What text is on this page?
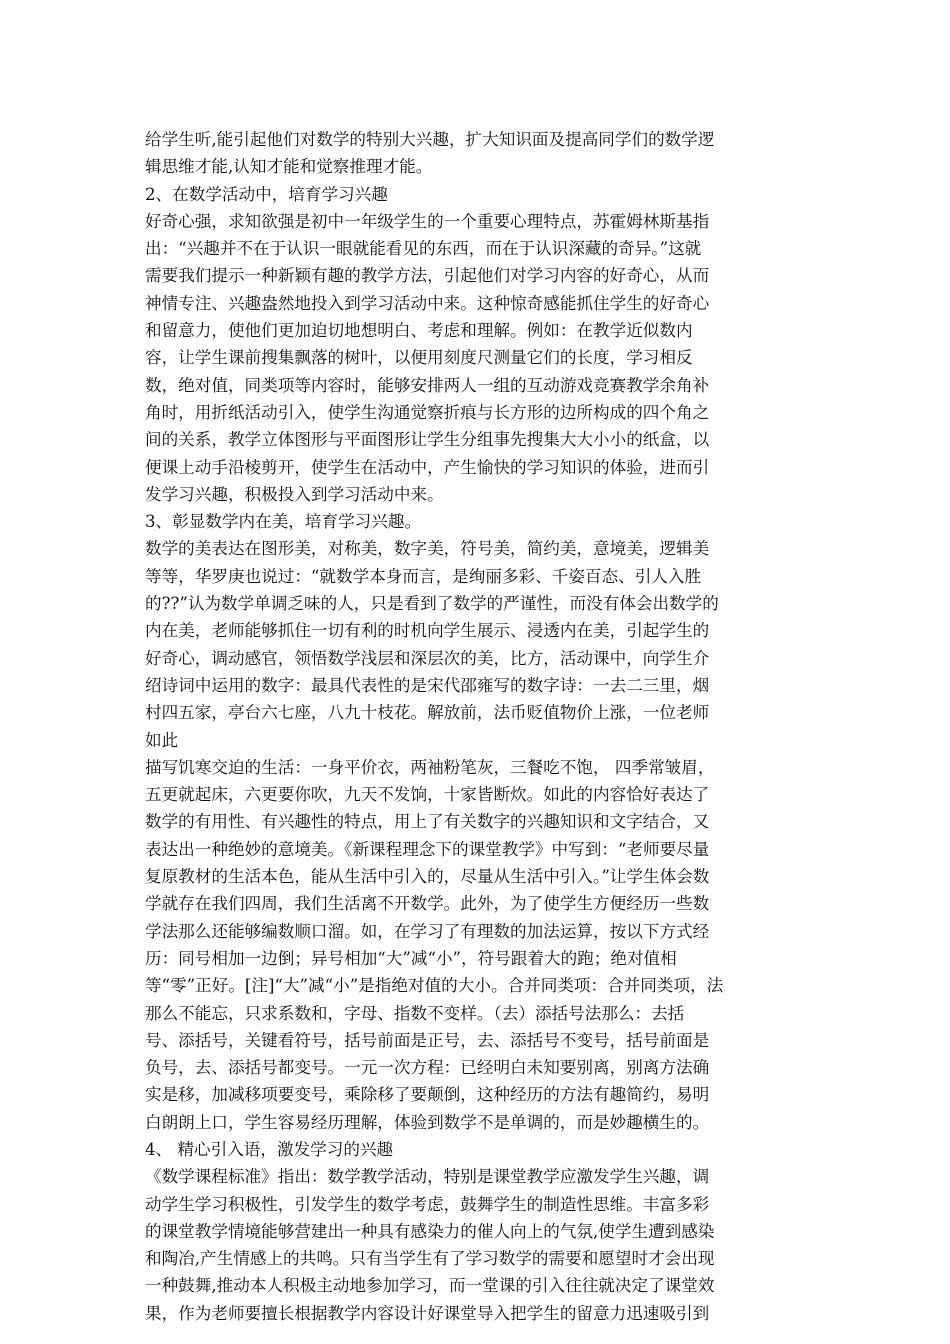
给学生听,能引起他们对数学的特别大兴趣，扩大知识面及提高同学们的数学逻
辑思维才能,认知才能和觉察推理才能。
2、在数学活动中，培育学习兴趣
好奇心强，求知欲强是初中一年级学生的一个重要心理特点，苏霍姆林斯基指
出：“兴趣并不在于认识一眼就能看见的东西，而在于认识深藏的奇异。”这就
需要我们提示一种新颖有趣的教学方法，引起他们对学习内容的好奇心，从而
神情专注、兴趣盎然地投入到学习活动中来。这种惊奇感能抓住学生的好奇心
和留意力，使他们更加迫切地想明白、考虑和理解。例如：在教学近似数内
容，让学生课前搜集飘落的树叶，以便用刻度尺测量它们的长度，学习相反
数，绝对值，同类项等内容时，能够安排两人一组的互动游戏竞赛教学余角补
角时，用折纸活动引入，使学生沟通觉察折痕与长方形的边所构成的四个角之
间的关系，教学立体图形与平面图形让学生分组事先搜集大大小小的纸盒，以
便课上动手沿棱剪开，使学生在活动中，产生愉快的学习知识的体验，进而引
发学习兴趣，积极投入到学习活动中来。
3、彰显数学内在美，培育学习兴趣。
数学的美表达在图形美，对称美，数字美，符号美，简约美，意境美，逻辑美
等等，华罗庚也说过：“就数学本身而言，是绚丽多彩、千姿百态、引人入胜
的??”认为数学单调乏味的人，只是看到了数学的严谨性，而没有体会出数学的
内在美，老师能够抓住一切有利的时机向学生展示、浸透内在美，引起学生的
好奇心，调动感官，领悟数学浅层和深层次的美，比方，活动课中，向学生介
绍诗词中运用的数字：最具代表性的是宋代邵雍写的数字诗：一去二三里，烟
村四五家，亭台六七座，八九十枝花。解放前，法币贬值物价上涨，一位老师
如此
描写饥寒交迫的生活：一身平价衣，两袖粉笔灰，三餐吃不饱， 四季常皱眉，
五更就起床，六更要你吹，九天不发饷，十家皆断炊。如此的内容恰好表达了
数学的有用性、有兴趣性的特点，用上了有关数字的兴趣知识和文字结合，又
表达出一种绝妙的意境美。《新课程理念下的课堂教学》中写到：“老师要尽量
复原教材的生活本色，能从生活中引入的，尽量从生活中引入。”让学生体会数
学就存在我们四周，我们生活离不开数学。此外，为了使学生方便经历一些数
学法那么还能够编数顺口溜。如，在学习了有理数的加法运算，按以下方式经
历：同号相加一边倒；异号相加“大”减“小”，符号跟着大的跑；绝对值相
等“零”正好。[注]“大”减“小”是指绝对值的大小。合并同类项：合并同类项，法
那么不能忘，只求系数和，字母、指数不变样。（去）添括号法那么：去括
号、添括号，关键看符号，括号前面是正号，去、添括号不变号，括号前面是
负号，去、添括号都变号。一元一次方程：已经明白未知要别离，别离方法确
实是移，加减移项要变号，乘除移了要颠倒，这种经历的方法有趣简约，易明
白朗朗上口，学生容易经历理解，体验到数学不是单调的，而是妙趣横生的。
4、 精心引入语，激发学习的兴趣
《数学课程标准》指出：数学教学活动，特别是课堂教学应激发学生兴趣，调
动学生学习积极性，引发学生的数学考虑，鼓舞学生的制造性思维。丰富多彩
的课堂教学情境能够营建出一种具有感染力的催人向上的气氛,使学生遭到感染
和陶冶,产生情感上的共鸣。只有当学生有了学习数学的需要和愿望时才会出现
一种鼓舞,推动本人积极主动地参加学习，而一堂课的引入往往就决定了课堂效
果，作为老师要擅长根据教学内容设计好课堂导入把学生的留意力迅速吸引到
